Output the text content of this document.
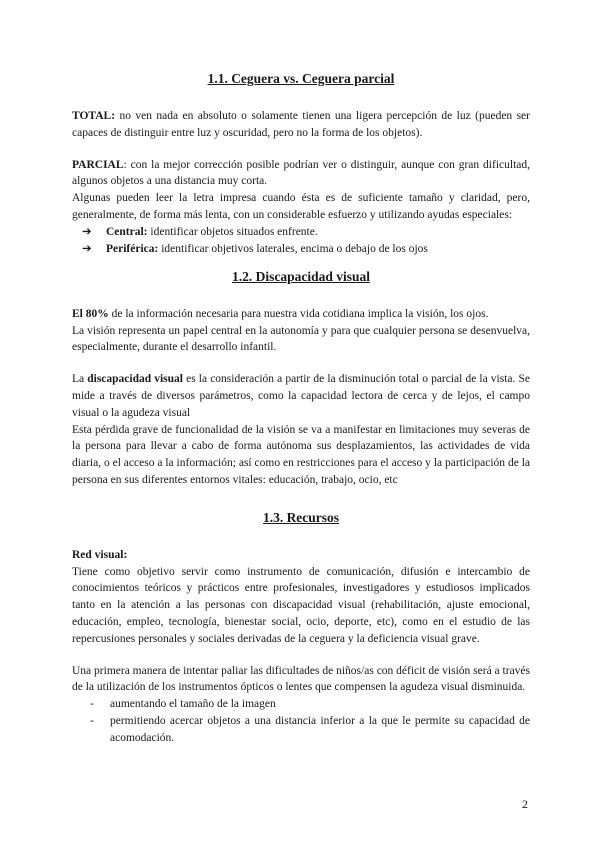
1.1. Ceguera vs. Ceguera parcial

TOTAL: no ven nada en absoluto o solamente tienen una ligera percepción de luz (pueden ser capaces de distinguir entre luz y oscuridad, pero no la forma de los objetos).

PARCIAL: con la mejor corrección posible podrían ver o distinguir, aunque con gran dificultad, algunos objetos a una distancia muy corta.

Algunas pueden leer la letra impresa cuando ésta es de suficiente tamaño y claridad, pero, generalmente, de forma más lenta, con un considerable esfuerzo y utilizando ayudas especiales:

➔ Central: identificar objetos situados enfrente.
➔ Periférica: identificar objetivos laterales, encima o debajo de los ojos
1.2. Discapacidad visual

El 80% de la información necesaria para nuestra vida cotidiana implica la visión, los ojos.

La visión representa un papel central en la autonomía y para que cualquier persona se desenvuelva, especialmente, durante el desarrollo infantil.

La discapacidad visual es la consideración a partir de la disminución total o parcial de la vista. Se mide a través de diversos parámetros, como la capacidad lectora de cerca y de lejos, el campo visual o la agudeza visual

Esta pérdida grave de funcionalidad de la visión se va a manifestar en limitaciones muy severas de la persona para llevar a cabo de forma autónoma sus desplazamientos, las actividades de vida diaria, o el acceso a la información; así como en restricciones para el acceso y la participación de la persona en sus diferentes entornos vitales: educación, trabajo, ocio, etc

1.3. Recursos

Red visual:

Tiene como objetivo servir como instrumento de comunicación, difusión e intercambio de conocimientos teóricos y prácticos entre profesionales, investigadores y estudiosos implicados tanto en la atención a las personas con discapacidad visual (rehabilitación, ajuste emocional, educación, empleo, tecnología, bienestar social, ocio, deporte, etc), como en el estudio de las repercusiones personales y sociales derivadas de la ceguera y la deficiencia visual grave.

Una primera manera de intentar paliar las dificultades de niños/as con déficit de visión será a través de la utilización de los instrumentos ópticos o lentes que compensen la agudeza visual disminuida.

- aumentando el tamaño de la imagen
- permitiendo acercar objetos a una distancia inferior a la que le permite su capacidad de acomodación.
2
